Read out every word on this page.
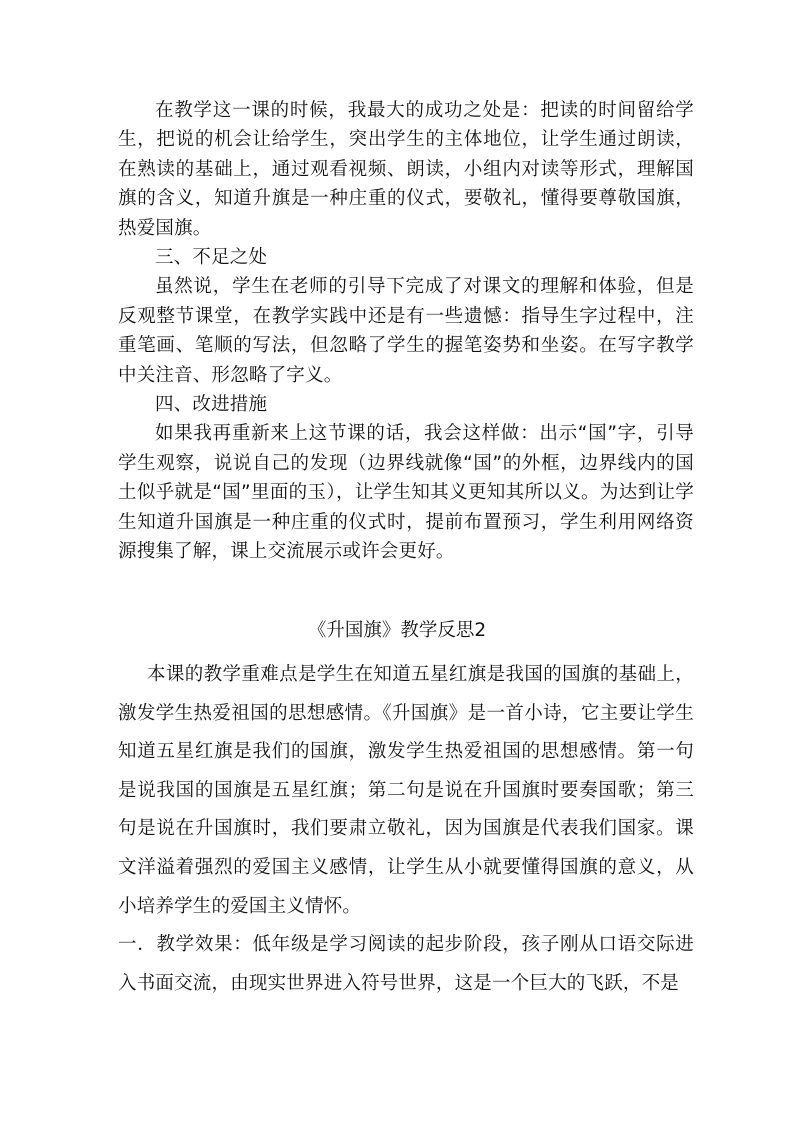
在教学这一课的时候，我最大的成功之处是：把读的时间留给学生，把说的机会让给学生，突出学生的主体地位，让学生通过朗读，在熟读的基础上，通过观看视频、朗读，小组内对读等形式，理解国旗的含义，知道升旗是一种庄重的仪式，要敬礼，懂得要尊敬国旗，热爱国旗。

三、不足之处

虽然说，学生在老师的引导下完成了对课文的理解和体验，但是反观整节课堂，在教学实践中还是有一些遗憾：指导生字过程中，注重笔画、笔顺的写法，但忽略了学生的握笔姿势和坐姿。在写字教学中关注音、形忽略了字义。

四、改进措施

如果我再重新来上这节课的话，我会这样做：出示“国”字，引导学生观察，说说自己的发现（边界线就像“国”的外框，边界线内的国土似乎就是“国”里面的玉），让学生知其义更知其所以义。为达到让学生知道升国旗是一种庄重的仪式时，提前布置预习，学生利用网络资源搜集了解，课上交流展示或许会更好。

《升国旗》教学反思2

本课的教学重难点是学生在知道五星红旗是我国的国旗的基础上，激发学生热爱祖国的思想感情。《升国旗》是一首小诗，它主要让学生知道五星红旗是我们的国旗，激发学生热爱祖国的思想感情。第一句是说我国的国旗是五星红旗；第二句是说在升国旗时要奏国歌；第三句是说在升国旗时，我们要肃立敬礼，因为国旗是代表我们国家。课文洋溢着强烈的爱国主义感情，让学生从小就要懂得国旗的意义，从小培养学生的爱国主义情怀。

一．教学效果：低年级是学习阅读的起步阶段，孩子刚从口语交际进入书面交流，由现实世界进入符号世界，这是一个巨大的飞跃，不是
